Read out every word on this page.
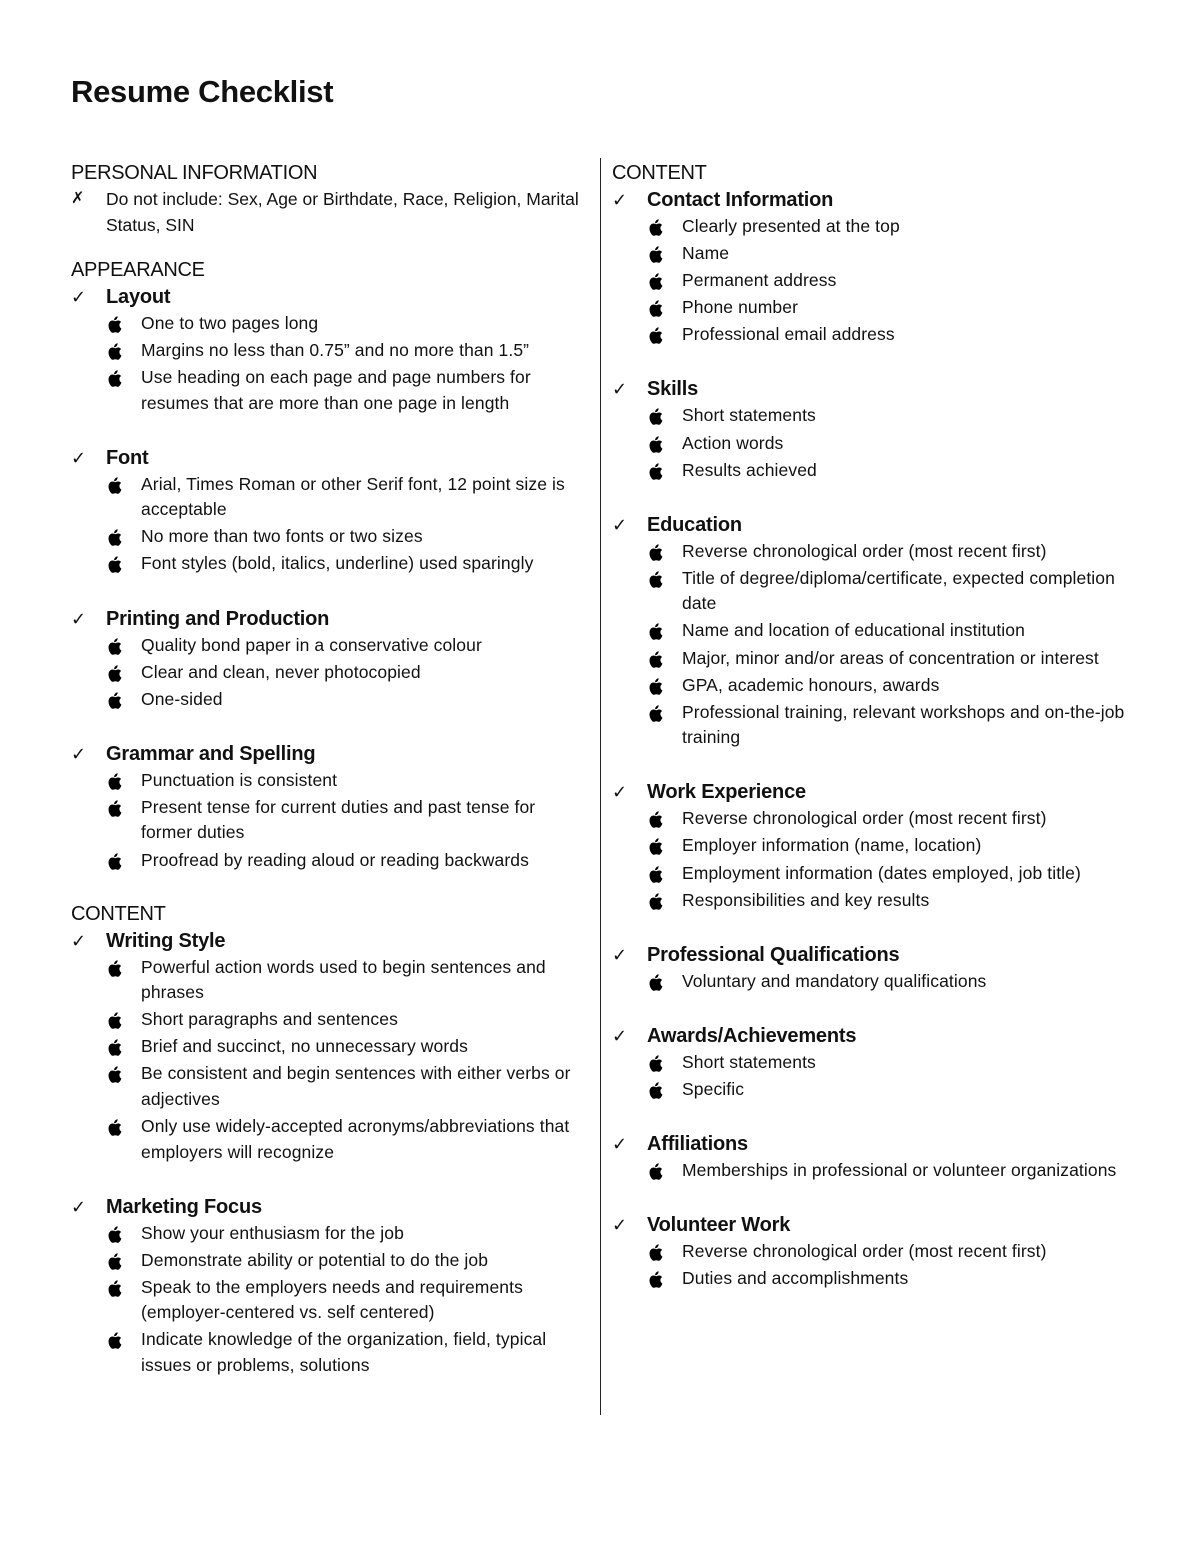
Resume Checklist
PERSONAL INFORMATION
✗ Do not include: Sex, Age or Birthdate, Race, Religion, Marital Status, SIN
APPEARANCE
✓	Layout
One to two pages long
Margins no less than 0.75” and no more than 1.5”
Use heading on each page and page numbers for resumes that are more than one page in length
✓	Font
Arial, Times Roman or other Serif font, 12 point size is acceptable
No more than two fonts or two sizes
Font styles (bold, italics, underline) used sparingly
✓	Printing and Production
Quality bond paper in a conservative colour
Clear and clean, never photocopied
One-sided
✓	Grammar and Spelling
Punctuation is consistent
Present tense for current duties and past tense for former duties
Proofread by reading aloud or reading backwards
CONTENT
✓	Writing Style
Powerful action words used to begin sentences and phrases
Short paragraphs and sentences
Brief and succinct, no unnecessary words
Be consistent and begin sentences with either verbs or adjectives
Only use widely-accepted acronyms/abbreviations that employers will recognize
✓	Marketing Focus
Show your enthusiasm for the job
Demonstrate ability or potential to do the job
Speak to the employers needs and requirements (employer-centered vs. self centered)
Indicate knowledge of the organization, field, typical issues or problems, solutions
CONTENT
✓	Contact Information
Clearly presented at the top
Name
Permanent address
Phone number
Professional email address
✓	Skills
Short statements
Action words
Results achieved
✓	Education
Reverse chronological order (most recent first)
Title of degree/diploma/certificate, expected completion date
Name and location of educational institution
Major, minor and/or areas of concentration or interest
GPA, academic honours, awards
Professional training, relevant workshops and on-the-job training
✓	Work Experience
Reverse chronological order (most recent first)
Employer information (name, location)
Employment information (dates employed, job title)
Responsibilities and key results
✓	Professional Qualifications
Voluntary and mandatory qualifications
✓	Awards/Achievements
Short statements
Specific
✓	Affiliations
Memberships in professional or volunteer organizations
✓	Volunteer Work
Reverse chronological order (most recent first)
Duties and accomplishments
